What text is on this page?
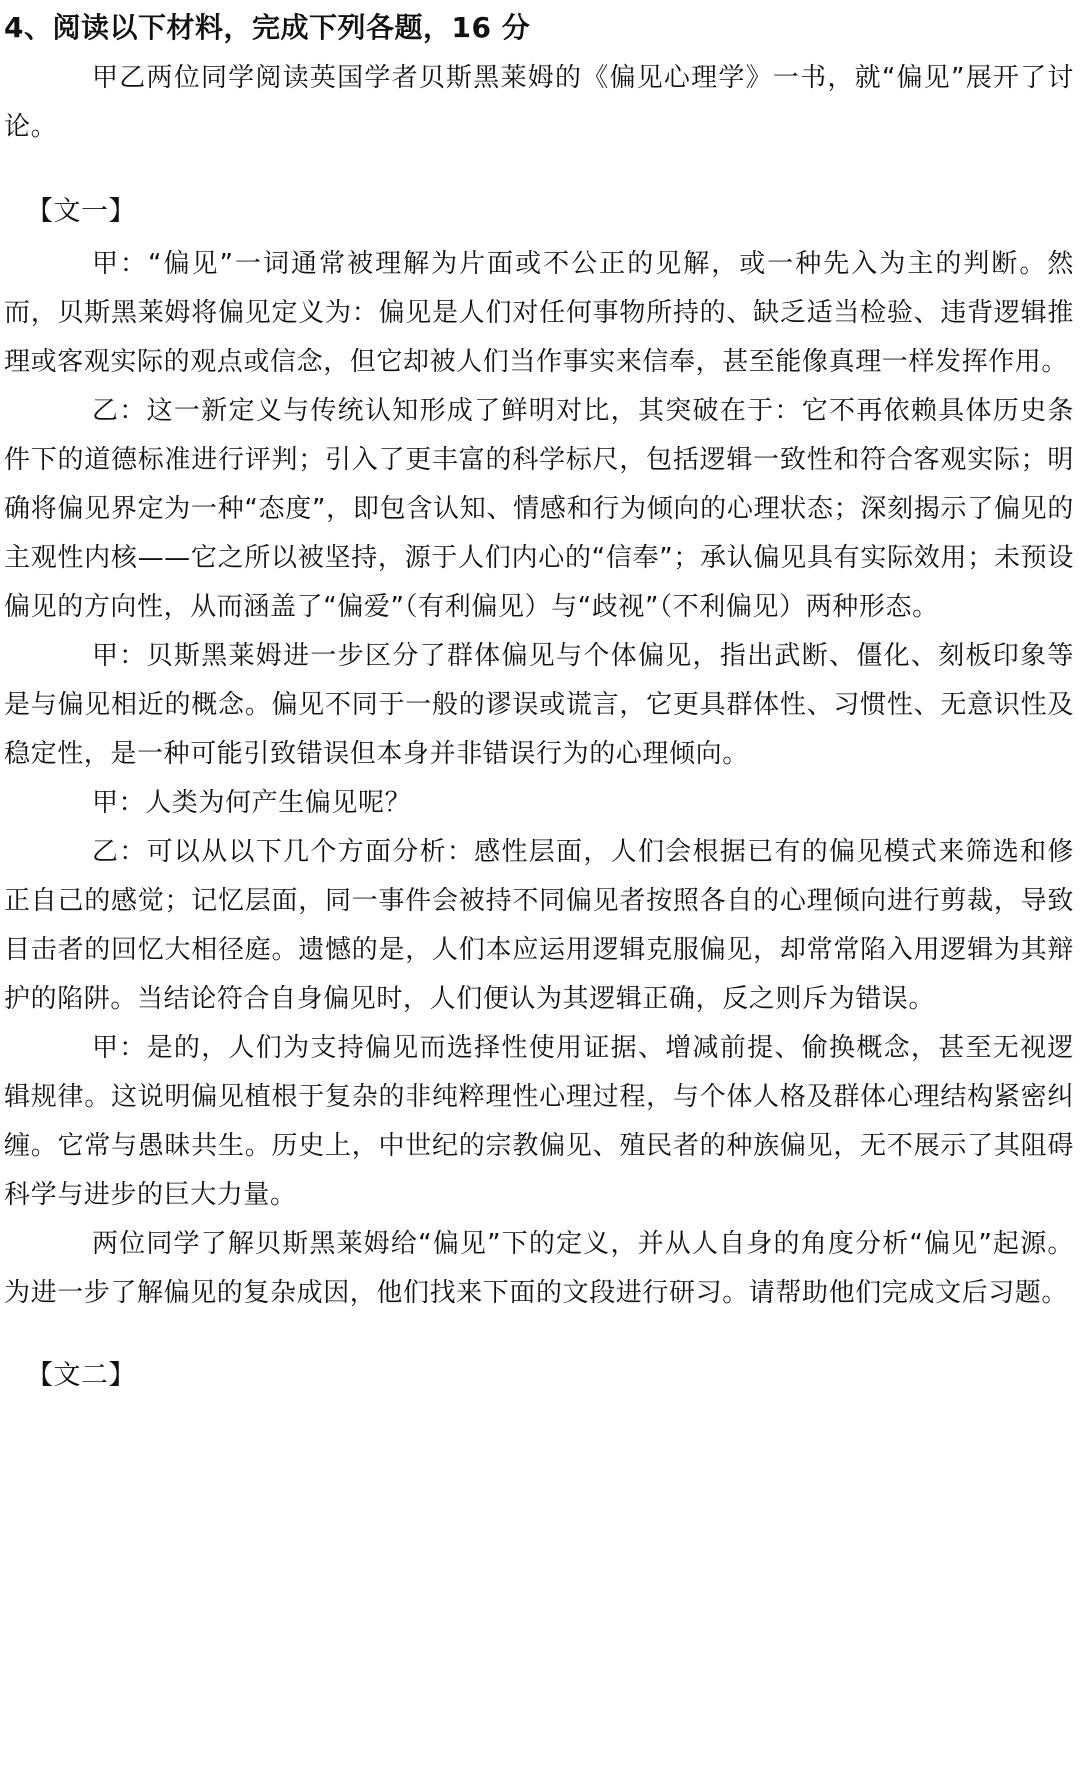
4、阅读以下材料，完成下列各题，16 分

甲乙两位同学阅读英国学者贝斯黑莱姆的《偏见心理学》一书，就“偏见”展开了讨论。

【文一】

甲：“偏见”一词通常被理解为片面或不公正的见解，或一种先入为主的判断。然而，贝斯黑莱姆将偏见定义为：偏见是人们对任何事物所持的、缺乏适当检验、违背逻辑推理或客观实际的观点或信念，但它却被人们当作事实来信奉，甚至能像真理一样发挥作用。

乙：这一新定义与传统认知形成了鲜明对比，其突破在于：它不再依赖具体历史条件下的道德标准进行评判；引入了更丰富的科学标尺，包括逻辑一致性和符合客观实际；明确将偏见界定为一种“态度”，即包含认知、情感和行为倾向的心理状态；深刻揭示了偏见的主观性内核——它之所以被坚持，源于人们内心的“信奉”；承认偏见具有实际效用；未预设偏见的方向性，从而涵盖了“偏爱”（有利偏见）与“歧视”（不利偏见）两种形态。

甲：贝斯黑莱姆进一步区分了群体偏见与个体偏见，指出武断、僵化、刻板印象等是与偏见相近的概念。偏见不同于一般的谬误或谎言，它更具群体性、习惯性、无意识性及稳定性，是一种可能引致错误但本身并非错误行为的心理倾向。

甲：人类为何产生偏见呢？

乙：可以从以下几个方面分析：感性层面，人们会根据已有的偏见模式来筛选和修正自己的感觉；记忆层面，同一事件会被持不同偏见者按照各自的心理倾向进行剪裁，导致目击者的回忆大相径庭。遗憾的是，人们本应运用逻辑克服偏见，却常常陷入用逻辑为其辩护的陷阱。当结论符合自身偏见时，人们便认为其逻辑正确，反之则斥为错误。

甲：是的，人们为支持偏见而选择性使用证据、增减前提、偷换概念，甚至无视逻辑规律。这说明偏见植根于复杂的非纯粹理性心理过程，与个体人格及群体心理结构紧密纠缠。它常与愚昧共生。历史上，中世纪的宗教偏见、殖民者的种族偏见，无不展示了其阻碍科学与进步的巨大力量。

两位同学了解贝斯黑莱姆给“偏见”下的定义，并从人自身的角度分析“偏见”起源。为进一步了解偏见的复杂成因，他们找来下面的文段进行研习。请帮助他们完成文后习题。

【文二】
